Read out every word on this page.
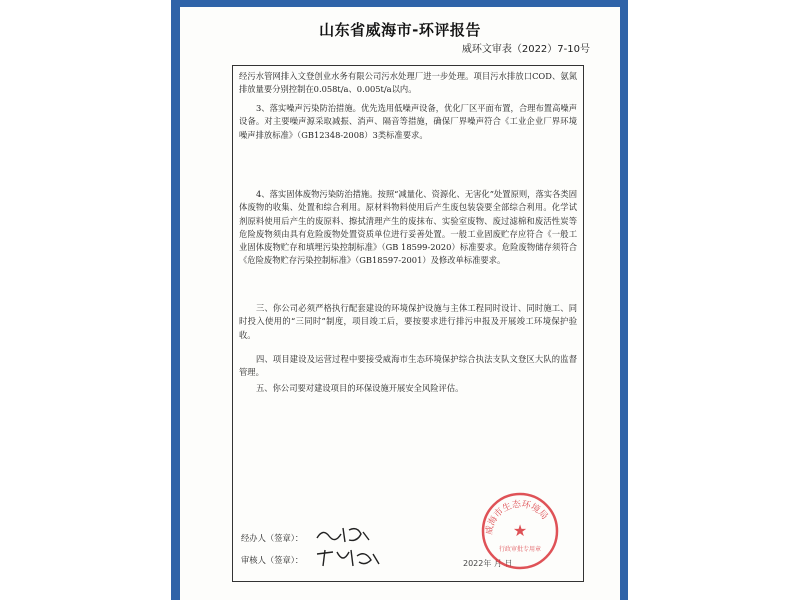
山东省威海市-环评报告
威环文审表（2022）7-10号
经污水管网排入文登创业水务有限公司污水处理厂进一步处理。项目污水排放口COD、氨氮排放量要分别控制在0.058t/a、0.005t/a以内。
3、落实噪声污染防治措施。优先选用低噪声设备，优化厂区平面布置，合理布置高噪声设备。对主要噪声源采取减振、消声、隔音等措施，确保厂界噪声符合《工业企业厂界环境噪声排放标准》（GB12348-2008）3类标准要求。
4、落实固体废物污染防治措施。按照“减量化、资源化、无害化”处置原则，落实各类固体废物的收集、处置和综合利用。原材料物料使用后产生废包装袋要全部综合利用。化学试剂原料使用后产生的废原料、擦拭清理产生的废抹布、实验室废物、废过滤棉和废活性炭等危险废物须由具有危险废物处置资质单位进行妥善处置。一般工业固废贮存应符合《一般工业固体废物贮存和填埋污染控制标准》（GB 18599-2020）标准要求。危险废物储存须符合《危险废物贮存污染控制标准》（GB18597-2001）及修改单标准要求。
三、你公司必须严格执行配套建设的环境保护设施与主体工程同时设计、同时施工、同时投入使用的“三同时”制度，项目竣工后，要按要求进行排污申报及开展竣工环境保护验收。
四、项目建设及运营过程中要接受威海市生态环境保护综合执法支队文登区大队的监督管理。
五、你公司要对建设项目的环保设施开展安全风险评估。
经办人（签章）：
审核人（签章）：	2022年 月 日
威海市生态环境局
★
行政审批专用章
